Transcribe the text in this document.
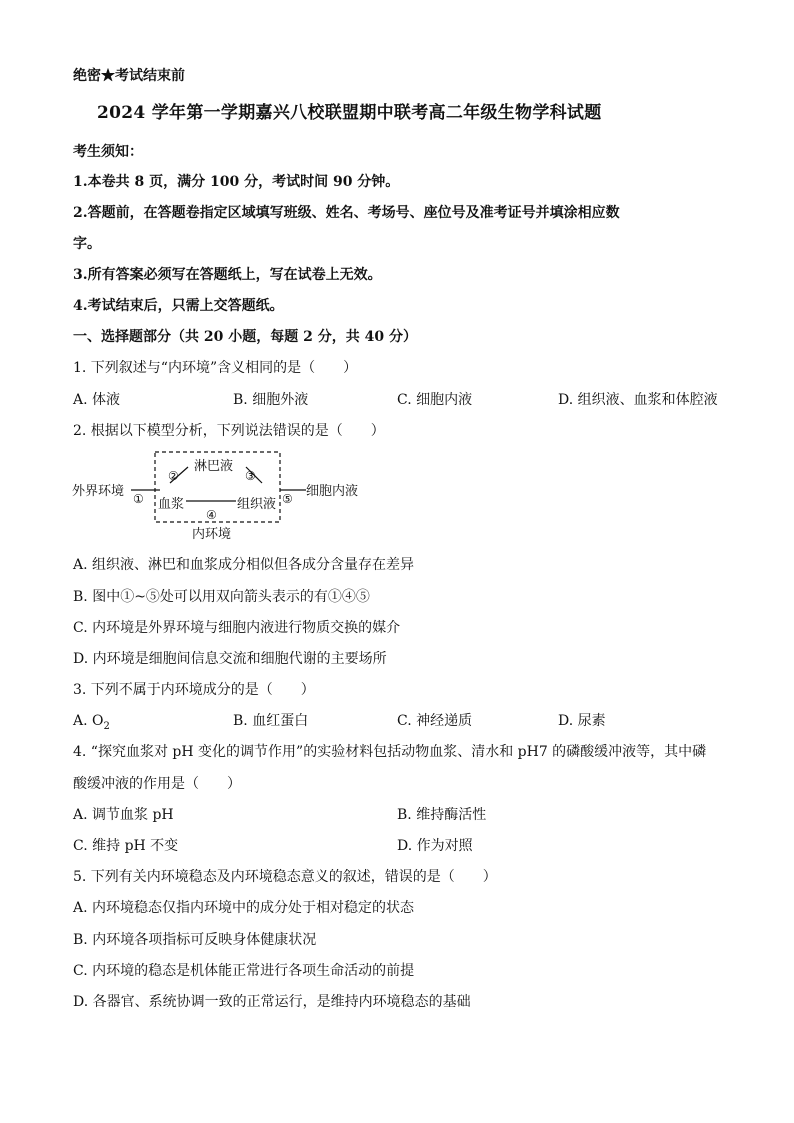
绝密★考试结束前
2024 学年第一学期嘉兴八校联盟期中联考高二年级生物学科试题
考生须知：
1.本卷共 8 页，满分 100 分，考试时间 90 分钟。
2.答题前，在答题卷指定区域填写班级、姓名、考场号、座位号及准考证号并填涂相应数
字。
3.所有答案必须写在答题纸上，写在试卷上无效。
4.考试结束后，只需上交答题纸。
一、选择题部分（共 20 小题，每题 2 分，共 40 分）
1. 下列叙述与“内环境”含义相同的是（　　）
A. 体液	B. 细胞外液	C. 细胞内液	D. 组织液、血浆和体腔液
2. 根据以下模型分析，下列说法错误的是（　　）
外界环境
淋巴液
血浆	组织液
细胞内液
内环境
①
②	③
④
⑤
A. 组织液、淋巴和血浆成分相似但各成分含量存在差异
B. 图中①~⑤处可以用双向箭头表示的有①④⑤
C. 内环境是外界环境与细胞内液进行物质交换的媒介
D. 内环境是细胞间信息交流和细胞代谢的主要场所
3. 下列不属于内环境成分的是（　　）
A. $O_2$	B. 血红蛋白	C. 神经递质	D. 尿素
4. “探究血浆对 pH 变化的调节作用”的实验材料包括动物血浆、清水和 pH7 的磷酸缓冲液等，其中磷
酸缓冲液的作用是（　　）
A. 调节血浆 pH	B. 维持酶活性
C. 维持 pH 不变	D. 作为对照
5. 下列有关内环境稳态及内环境稳态意义的叙述，错误的是（　　）
A. 内环境稳态仅指内环境中的成分处于相对稳定的状态
B. 内环境各项指标可反映身体健康状况
C. 内环境的稳态是机体能正常进行各项生命活动的前提
D. 各器官、系统协调一致的正常运行，是维持内环境稳态的基础
